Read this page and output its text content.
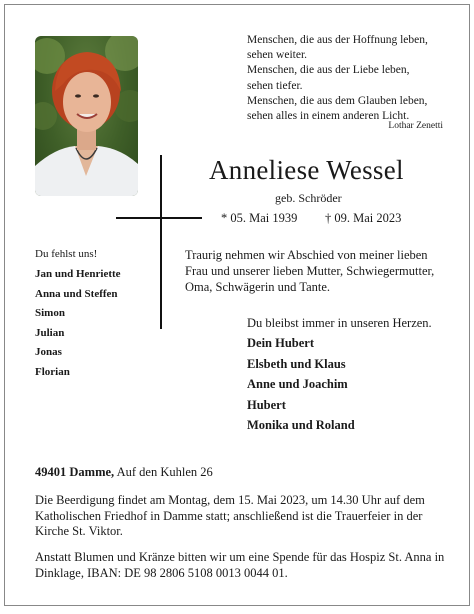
Menschen, die aus der Hoffnung leben,
sehen weiter.
Menschen, die aus der Liebe leben,
sehen tiefer.
Menschen, die aus dem Glauben leben,
sehen alles in einem anderen Licht.
Lothar Zenetti
Anneliese Wessel
geb. Schröder
* 05. Mai 1939 † 09. Mai 2023
Du fehlst uns!
Jan und Henriette
Anna und Steffen
Simon
Julian
Jonas
Florian
Traurig nehmen wir Abschied von meiner lieben Frau und unserer lieben Mutter, Schwiegermutter, Oma, Schwägerin und Tante.
Du bleibst immer in unseren Herzen.
Dein Hubert
Elsbeth und Klaus
Anne und Joachim
Hubert
Monika und Roland
49401 Damme, Auf den Kuhlen 26
Die Beerdigung findet am Montag, dem 15. Mai 2023, um 14.30 Uhr auf dem Katholischen Friedhof in Damme statt; anschließend ist die Trauerfeier in der Kirche St. Viktor.
Anstatt Blumen und Kränze bitten wir um eine Spende für das Hospiz St. Anna in Dinklage, IBAN: DE 98 2806 5108 0013 0044 01.
